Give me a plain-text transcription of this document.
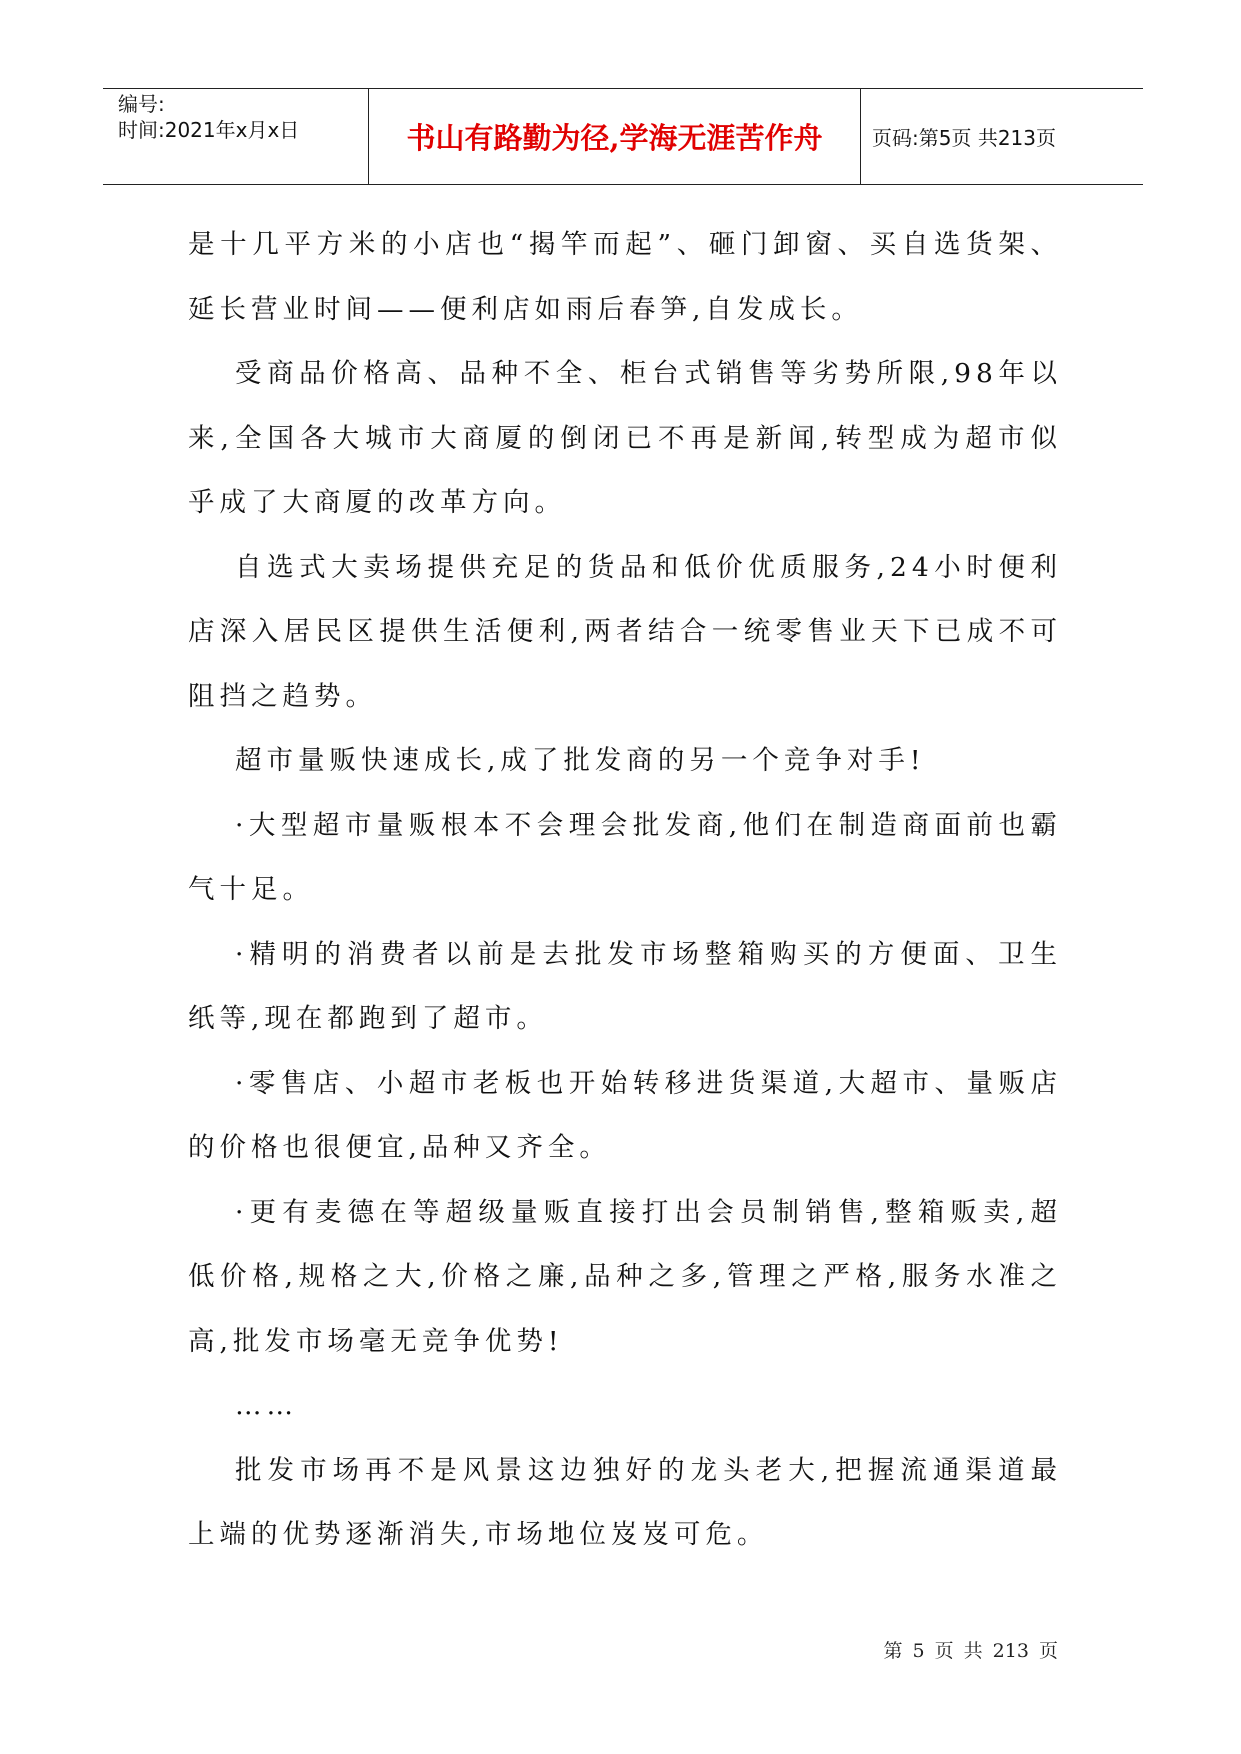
编号:
时间:2021年x月x日	书山有路勤为径,学海无涯苦作舟	页码:第5页 共213页

是十几平方米的小店也“揭竿而起”、砸门卸窗、买自选货架、延长营业时间——便利店如雨后春笋,自发成长。

受商品价格高、品种不全、柜台式销售等劣势所限,98年以来,全国各大城市大商厦的倒闭已不再是新闻,转型成为超市似乎成了大商厦的改革方向。

自选式大卖场提供充足的货品和低价优质服务,24小时便利店深入居民区提供生活便利,两者结合一统零售业天下已成不可阻挡之趋势。

超市量贩快速成长,成了批发商的另一个竞争对手!

·大型超市量贩根本不会理会批发商,他们在制造商面前也霸气十足。

·精明的消费者以前是去批发市场整箱购买的方便面、卫生纸等,现在都跑到了超市。

·零售店、小超市老板也开始转移进货渠道,大超市、量贩店的价格也很便宜,品种又齐全。

·更有麦德在等超级量贩直接打出会员制销售,整箱贩卖,超低价格,规格之大,价格之廉,品种之多,管理之严格,服务水准之高,批发市场毫无竞争优势!

……

批发市场再不是风景这边独好的龙头老大,把握流通渠道最上端的优势逐渐消失,市场地位岌岌可危。

第 5 页 共 213 页
